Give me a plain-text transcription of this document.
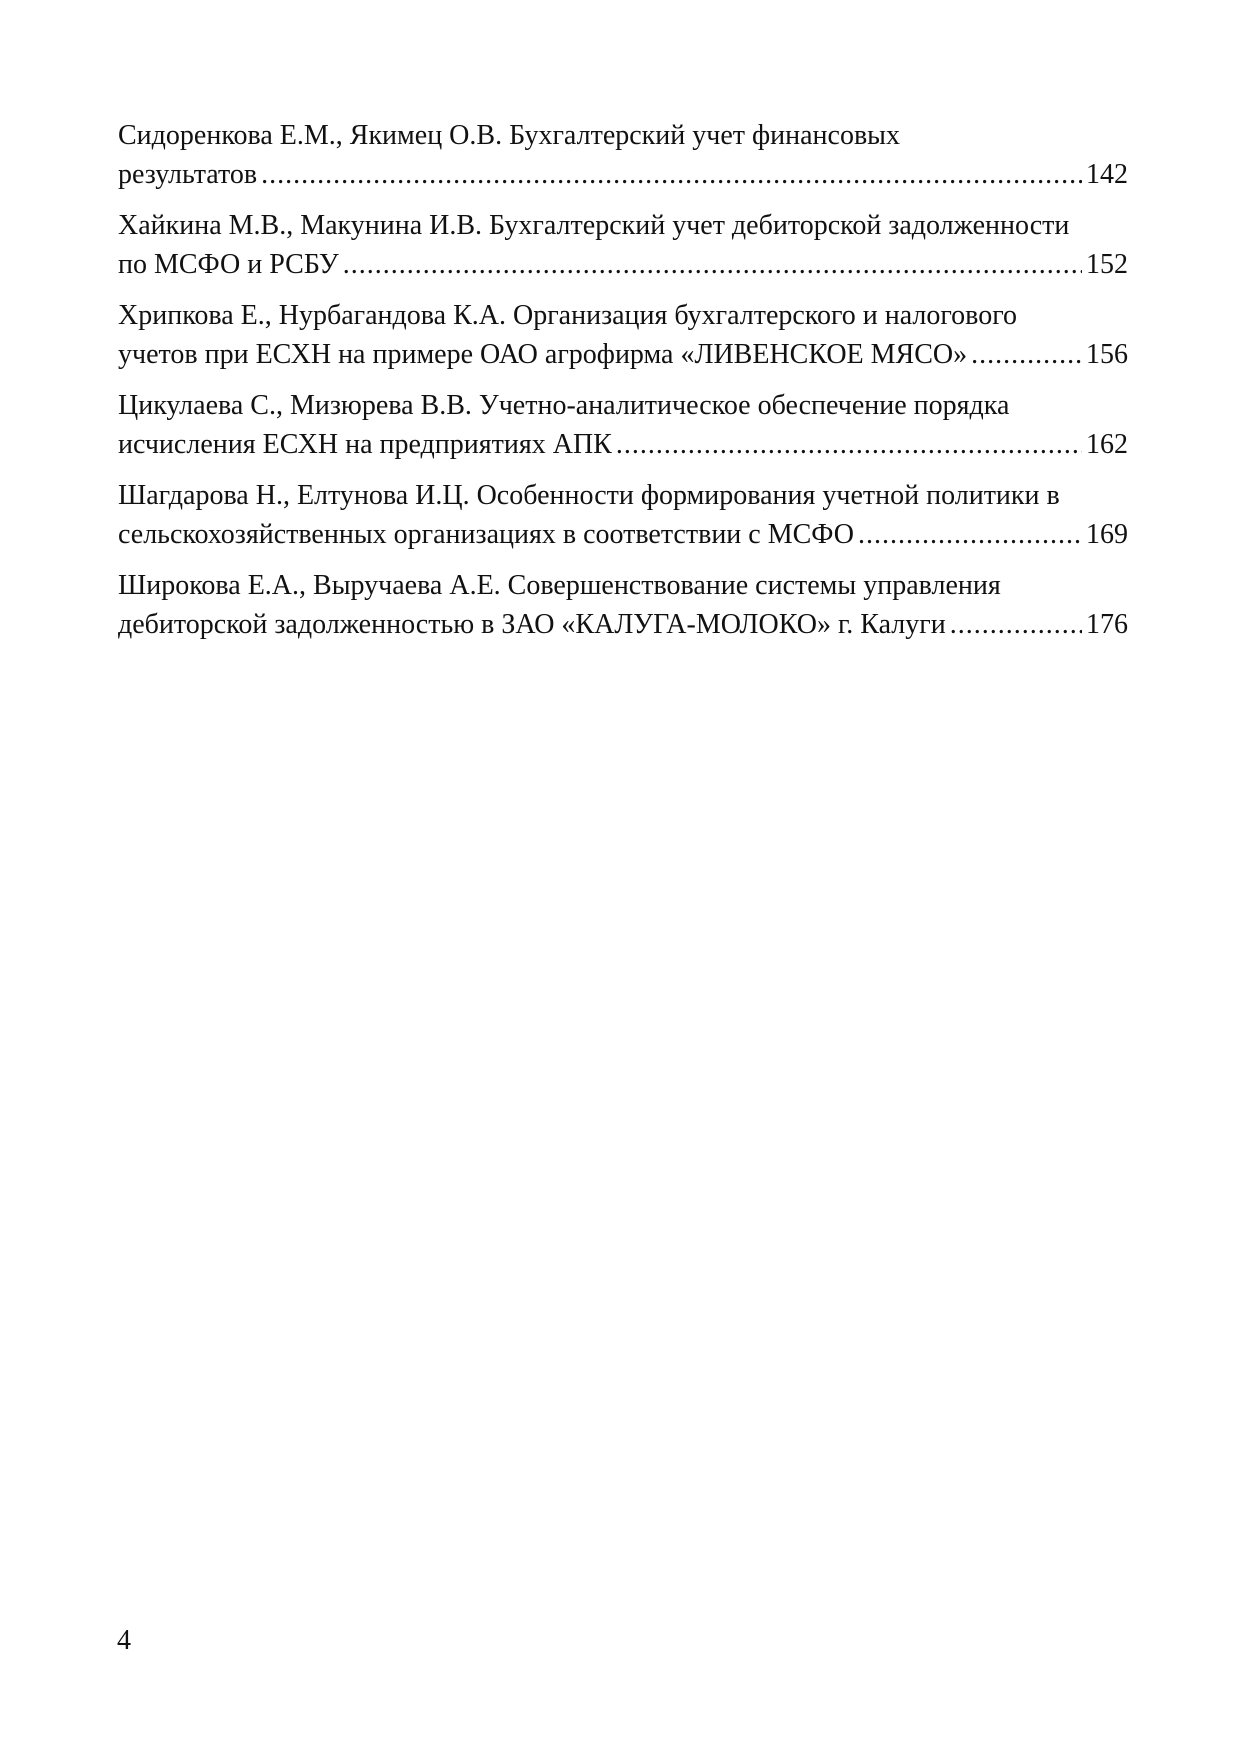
Сидоренкова Е.М., Якимец О.В. Бухгалтерский учет финансовых
результатов .....	142
Хайкина М.В., Макунина И.В. Бухгалтерский учет дебиторской задолженности
по МСФО и РСБУ .....	152
Хрипкова Е., Нурбагандова К.А. Организация бухгалтерского и налогового
учетов при ЕСХН на примере ОАО агрофирма «ЛИВЕНСКОЕ МЯСО» .....	156
Цикулаева С., Мизюрева В.В. Учетно-аналитическое обеспечение порядка
исчисления ЕСХН на предприятиях АПК .....	162
Шагдарова Н., Елтунова И.Ц. Особенности формирования учетной политики в
сельскохозяйственных организациях в соответствии с МСФО .....	169
Широкова Е.А., Выручаева А.Е. Совершенствование системы управления
дебиторской задолженностью в ЗАО «КАЛУГА-МОЛОКО» г. Калуги .....	176
4
